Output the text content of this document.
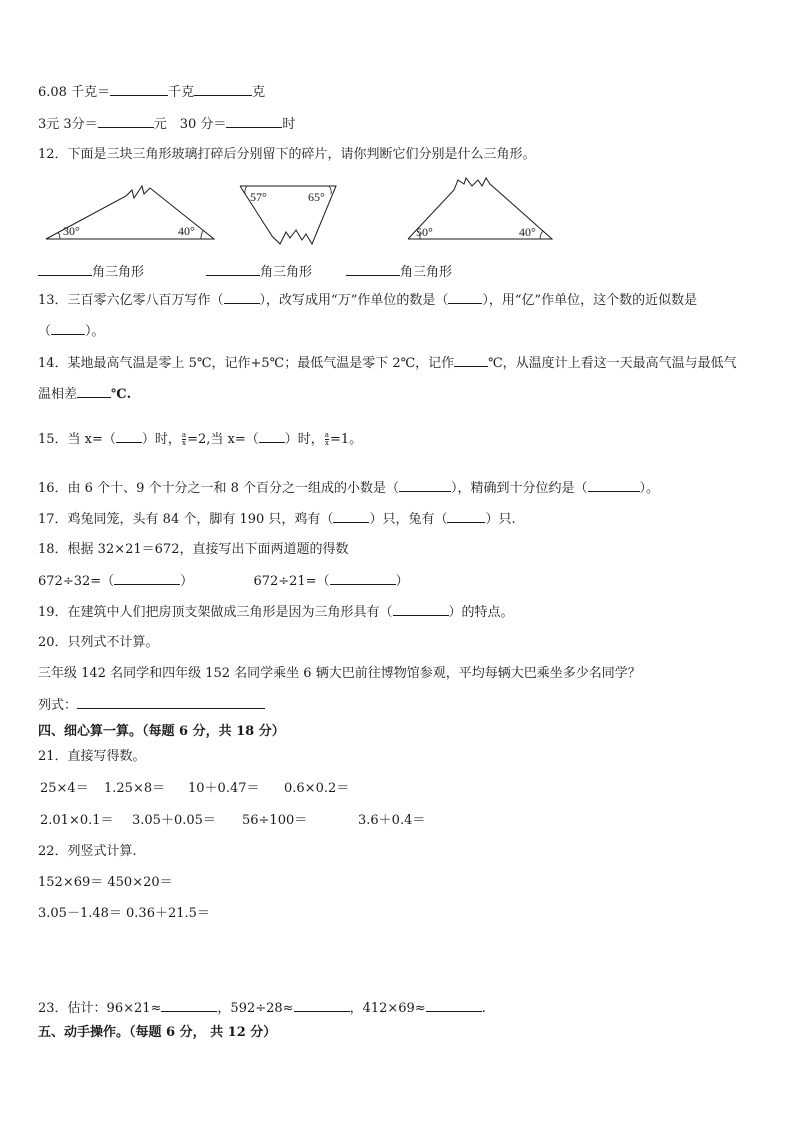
6.08 千克＝	千克	克
3元 3分＝	元　30 分＝	时
12．下面是三块三角形玻璃打碎后分别留下的碎片，请你判断它们分别是什么三角形。
30°	40°
57°	65°
50°	40°
角三角形	角三角形	角三角形
13．三百零六亿零八百万写作（	），改写成用“万”作单位的数是（	），用“亿”作单位，这个数的近似数是
（	）。
14．某地最高气温是零上 5℃，记作+5℃；最低气温是零下 2℃，记作	℃，从温度计上看这一天最高气温与最低气
温相差	℃.
15．当 x=（ ）时， $\frac{a}{x} =2$,当 x=（ ）时， $\frac{a}{x} =1$。
16．由 6 个十、9 个十分之一和 8 个百分之一组成的小数是（	），精确到十分位约是（	）。
17．鸡兔同笼，头有 84 个，脚有 190 只，鸡有（	）只，兔有（	）只.
18．根据 32×21＝672，直接写出下面两道题的得数
672÷32=（	）	672÷21=（	）
19．在建筑中人们把房顶支架做成三角形是因为三角形具有（	）的特点。
20．只列式不计算。
三年级 142 名同学和四年级 152 名同学乘坐 6 辆大巴前往博物馆参观，平均每辆大巴乘坐多少名同学？
列式：
四、细心算一算。（每题 6 分，共 18 分）
21．直接写得数。
25×4＝ 1.25×8＝ 10＋0.47＝ 0.6×0.2＝
2.01×0.1＝ 3.05＋0.05＝ 56÷100＝	3.6＋0.4＝
22．列竖式计算.
152×69＝ 450×20＝
3.05－1.48＝ 0.36＋21.5＝
23．估计：96×21≈	，592÷28≈	，412×69≈	.
五、动手操作。（每题 6 分， 共 12 分）
